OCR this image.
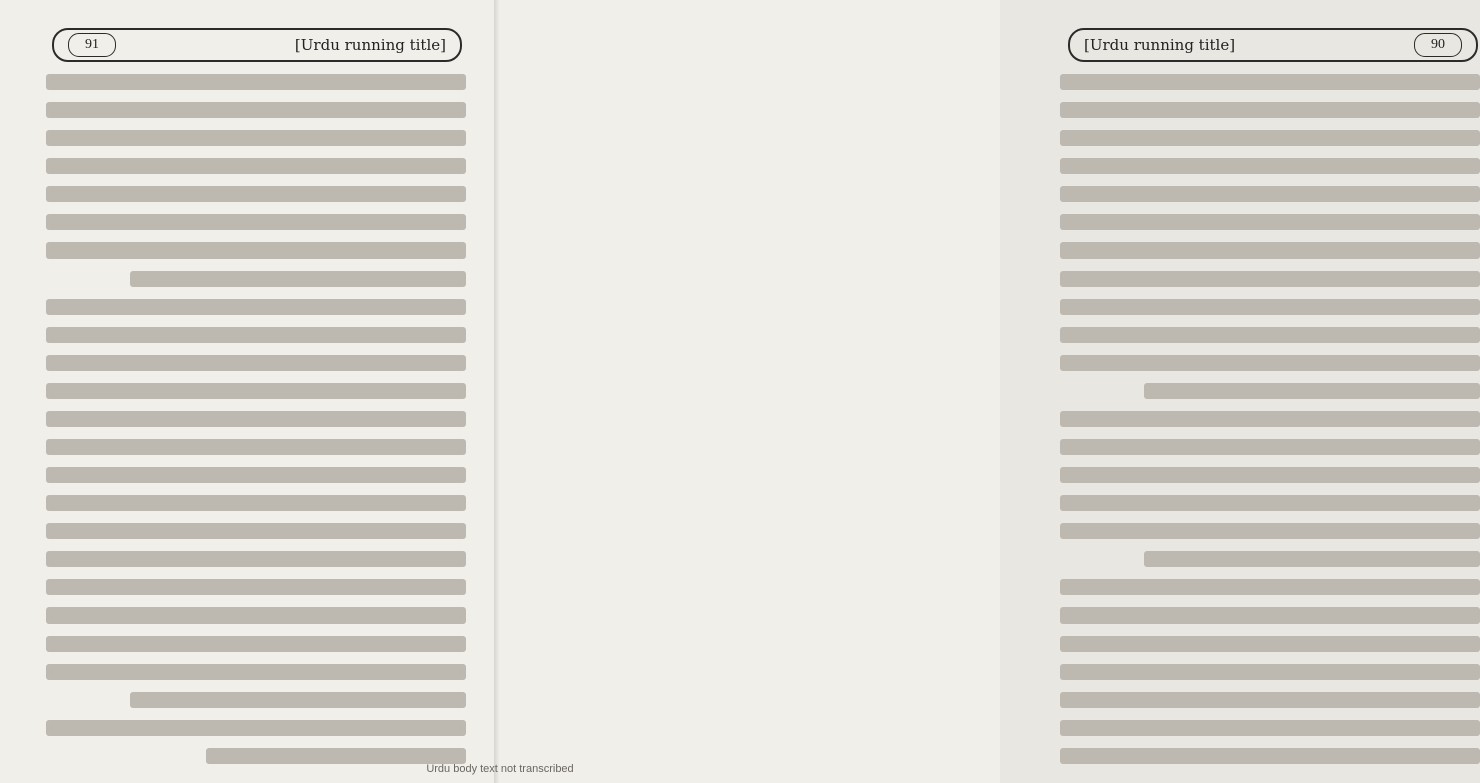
91	[Urdu running title]	[Urdu running title]	90
Urdu body text not transcribed
